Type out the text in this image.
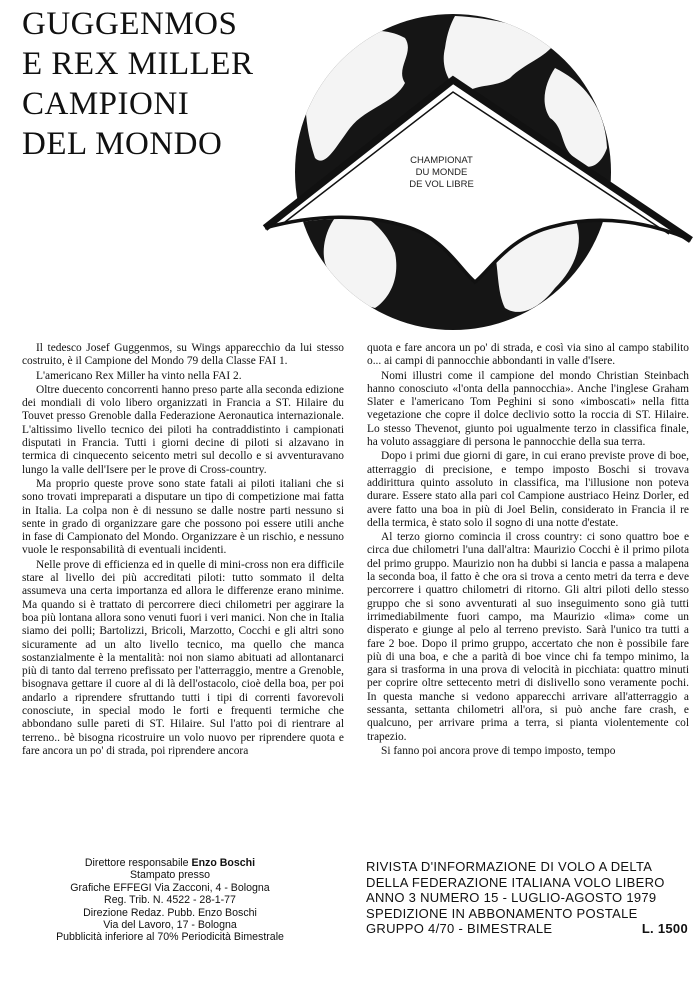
GUGGENMOS
E REX MILLER
CAMPIONI
DEL MONDO	CHAMPIONAT
DU MONDE
DE VOL LIBRE

Il tedesco Josef Guggenmos, su Wings apparecchio da lui stesso costruito, è il Campione del Mondo 79 della Classe FAI 1.

L'americano Rex Miller ha vinto nella FAI 2.

Oltre duecento concorrenti hanno preso parte alla seconda edizione dei mondiali di volo libero organizzati in Francia a ST. Hilaire du Touvet presso Grenoble dalla Federazione Aeronautica internazionale. L'altissimo livello tecnico dei piloti ha contraddistinto i campionati disputati in Francia. Tutti i giorni decine di piloti si alzavano in termica di cinquecento seicento metri sul decollo e si avventuravano lungo la valle dell'Isere per le prove di Cross-country.

Ma proprio queste prove sono state fatali ai piloti italiani che si sono trovati impreparati a disputare un tipo di competizione mai fatta in Italia. La colpa non è di nessuno se dalle nostre parti nessuno si sente in grado di organizzare gare che possono poi essere utili anche in fase di Campionato del Mondo. Organizzare è un rischio, e nessuno vuole le responsabilità di eventuali incidenti.

Nelle prove di efficienza ed in quelle di mini-cross non era difficile stare al livello dei più accreditati piloti: tutto sommato il delta assumeva una certa importanza ed allora le differenze erano minime. Ma quando si è trattato di percorrere dieci chilometri per aggirare la boa più lontana allora sono venuti fuori i veri manici. Non che in Italia siamo dei polli; Bartolizzi, Bricoli, Marzotto, Cocchi e gli altri sono sicuramente ad un alto livello tecnico, ma quello che manca sostanzialmente è la mentalità: noi non siamo abituati ad allontanarci più di tanto dal terreno prefissato per l'atterraggio, mentre a Grenoble, bisognava gettare il cuore al di là dell'ostacolo, cioè della boa, per poi andarlo a riprendere sfruttando tutti i tipi di correnti favorevoli conosciute, in special modo le forti e frequenti termiche che abbondano sulle pareti di ST. Hilaire. Sul l'atto poi di rientrare al terreno.. bè bisogna ricostruire un volo nuovo per riprendere quota e fare ancora un po' di strada, poi riprendere ancora

quota e fare ancora un po' di strada, e così via sino al campo stabilito o... ai campi di pannocchie abbondanti in valle d'Isere.

Nomi illustri come il campione del mondo Christian Steinbach hanno conosciuto «l'onta della pannocchia». Anche l'inglese Graham Slater e l'americano Tom Peghini si sono «imboscati» nella fitta vegetazione che copre il dolce declivio sotto la roccia di ST. Hilaire. Lo stesso Thevenot, giunto poi ugualmente terzo in classifica finale, ha voluto assaggiare di persona le pannocchie della sua terra.

Dopo i primi due giorni di gare, in cui erano previste prove di boe, atterraggio di precisione, e tempo imposto Boschi si trovava addirittura quinto assoluto in classifica, ma l'illusione non poteva durare. Essere stato alla pari col Campione austriaco Heinz Dorler, ed avere fatto una boa in più di Joel Belin, considerato in Francia il re della termica, è stato solo il sogno di una notte d'estate.

Al terzo giorno comincia il cross country: ci sono quattro boe e circa due chilometri l'una dall'altra: Maurizio Cocchi è il primo pilota del primo gruppo. Maurizio non ha dubbi si lancia e passa a malapena la seconda boa, il fatto è che ora si trova a cento metri da terra e deve percorrere i quattro chilometri di ritorno. Gli altri piloti dello stesso gruppo che si sono avventurati al suo inseguimento sono già tutti irrimediabilmente fuori campo, ma Maurizio «lima» come un disperato e giunge al pelo al terreno previsto. Sarà l'unico tra tutti a fare 2 boe. Dopo il primo gruppo, accertato che non è possibile fare più di una boa, e che a parità di boe vince chi fa tempo minimo, la gara si trasforma in una prova di velocità in picchiata: quattro minuti per coprire oltre settecento metri di dislivello sono veramente pochi. In questa manche si vedono apparecchi arrivare all'atterraggio a sessanta, settanta chilometri all'ora, si può anche fare crash, e qualcuno, per arrivare prima a terra, si pianta violentemente col trapezio.

Si fanno poi ancora prove di tempo imposto, tempo

Direttore responsabile Enzo Boschi
Stampato presso
Grafiche EFFEGI Via Zacconi, 4 - Bologna
Reg. Trib. N. 4522 - 28-1-77
Direzione Redaz. Pubb. Enzo Boschi
Via del Lavoro, 17 - Bologna
Pubblicità inferiore al 70% Periodicità Bimestrale
RIVISTA D'INFORMAZIONE DI VOLO A DELTA
DELLA FEDERAZIONE ITALIANA VOLO LIBERO
ANNO 3 NUMERO 15 - LUGLIO-AGOSTO 1979
SPEDIZIONE IN ABBONAMENTO POSTALE
GRUPPO 4/70 - BIMESTRALE	L. 1500
